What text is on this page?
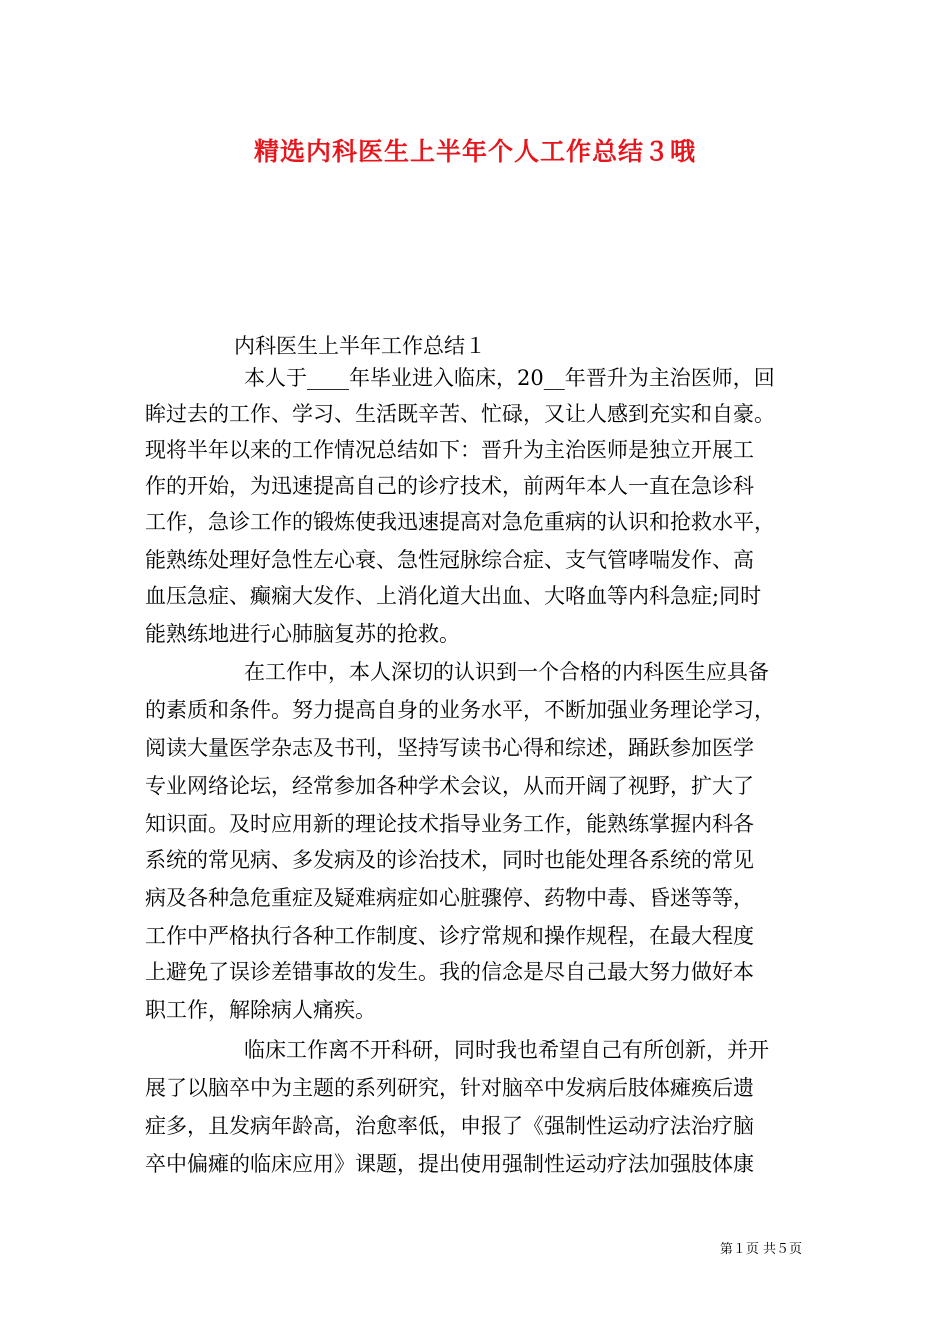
精选内科医生上半年个人工作总结３哦
内科医生上半年工作总结１
本人于____年毕业进入临床，20__年晋升为主治医师，回
眸过去的工作、学习、生活既辛苦、忙碌，又让人感到充实和自豪。
现将半年以来的工作情况总结如下：晋升为主治医师是独立开展工
作的开始，为迅速提高自己的诊疗技术，前两年本人一直在急诊科
工作，急诊工作的锻炼使我迅速提高对急危重病的认识和抢救水平，
能熟练处理好急性左心衰、急性冠脉综合症、支气管哮喘发作、高
血压急症、癫痫大发作、上消化道大出血、大咯血等内科急症;同时
能熟练地进行心肺脑复苏的抢救。
在工作中，本人深切的认识到一个合格的内科医生应具备
的素质和条件。努力提高自身的业务水平，不断加强业务理论学习，
阅读大量医学杂志及书刊，坚持写读书心得和综述，踊跃参加医学
专业网络论坛，经常参加各种学术会议，从而开阔了视野，扩大了
知识面。及时应用新的理论技术指导业务工作，能熟练掌握内科各
系统的常见病、多发病及的诊治技术，同时也能处理各系统的常见
病及各种急危重症及疑难病症如心脏骤停、药物中毒、昏迷等等，
工作中严格执行各种工作制度、诊疗常规和操作规程，在最大程度
上避免了误诊差错事故的发生。我的信念是尽自己最大努力做好本
职工作，解除病人痛疾。
临床工作离不开科研，同时我也希望自己有所创新，并开
展了以脑卒中为主题的系列研究，针对脑卒中发病后肢体瘫痪后遗
症多，且发病年龄高，治愈率低，申报了《强制性运动疗法治疗脑
卒中偏瘫的临床应用》课题，提出使用强制性运动疗法加强肢体康
第１页 共５页
